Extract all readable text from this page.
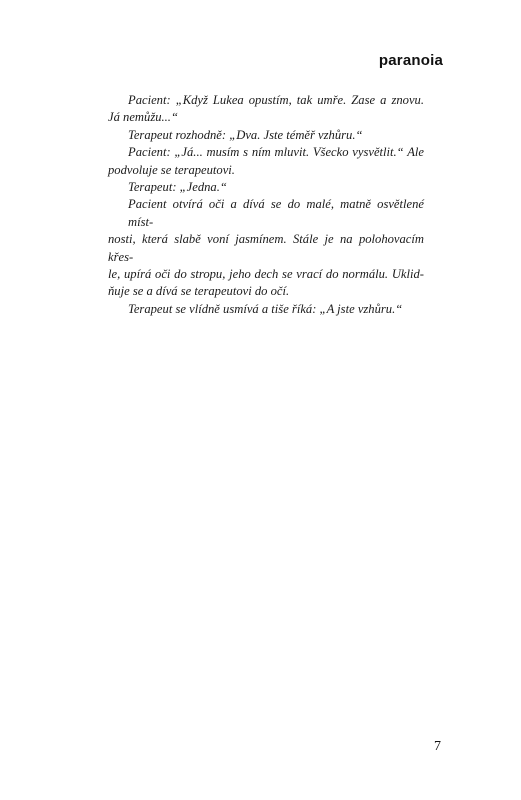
paranoia
Pacient: „Když Lukea opustím, tak umře. Zase a znovu.
Já nemůžu...“
Terapeut rozhodně: „Dva. Jste téměř vzhůru.“
Pacient: „Já... musím s ním mluvit. Všecko vysvětlit.“ Ale
podvoluje se terapeutovi.
Terapeut: „Jedna.“
Pacient otvírá oči a dívá se do malé, matně osvětlené míst-
nosti, která slabě voní jasmínem. Stále je na polohovacím křes-
le, upírá oči do stropu, jeho dech se vrací do normálu. Uklid-
ňuje se a dívá se terapeutovi do očí.
Terapeut se vlídně usmívá a tiše říká: „A jste vzhůru.“
7
